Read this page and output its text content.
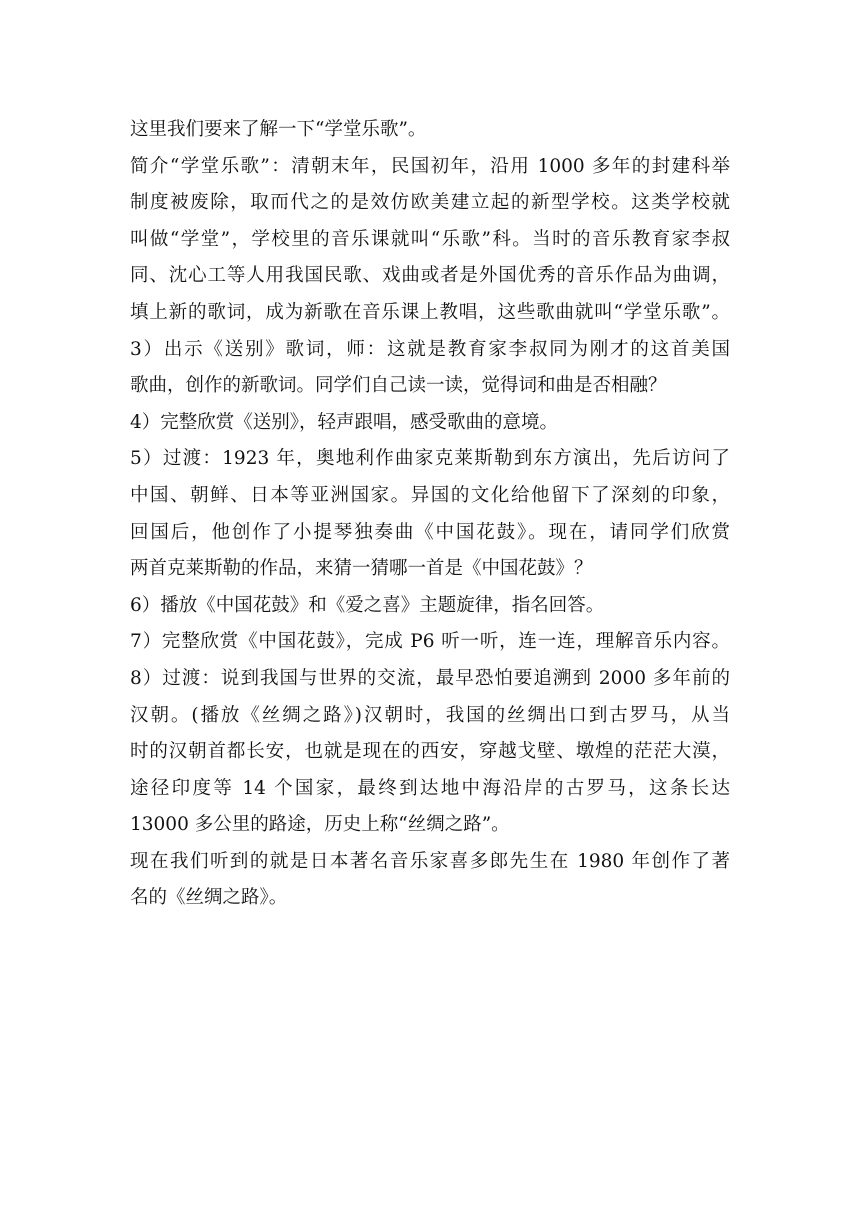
这里我们要来了解一下“学堂乐歌”。

简介“学堂乐歌”：清朝末年，民国初年，沿用 1000 多年的封建科举

制度被废除，取而代之的是效仿欧美建立起的新型学校。这类学校就

叫做“学堂”，学校里的音乐课就叫“乐歌”科。当时的音乐教育家李叔

同、沈心工等人用我国民歌、戏曲或者是外国优秀的音乐作品为曲调，

填上新的歌词，成为新歌在音乐课上教唱，这些歌曲就叫“学堂乐歌”。

3）出示《送别》歌词，师：这就是教育家李叔同为刚才的这首美国

歌曲，创作的新歌词。同学们自己读一读，觉得词和曲是否相融？

4）完整欣赏《送别》，轻声跟唱，感受歌曲的意境。

5）过渡：1923 年，奥地利作曲家克莱斯勒到东方演出，先后访问了

中国、朝鲜、日本等亚洲国家。异国的文化给他留下了深刻的印象，

回国后，他创作了小提琴独奏曲《中国花鼓》。现在，请同学们欣赏

两首克莱斯勒的作品，来猜一猜哪一首是《中国花鼓》？

6）播放《中国花鼓》和《爱之喜》主题旋律，指名回答。

7）完整欣赏《中国花鼓》，完成 P6 听一听，连一连，理解音乐内容。

8）过渡：说到我国与世界的交流，最早恐怕要追溯到 2000 多年前的

汉朝。(播放《丝绸之路》)汉朝时，我国的丝绸出口到古罗马，从当

时的汉朝首都长安，也就是现在的西安，穿越戈壁、墩煌的茫茫大漠，

途径印度等 14 个国家，最终到达地中海沿岸的古罗马，这条长达

13000 多公里的路途，历史上称“丝绸之路”。

现在我们听到的就是日本著名音乐家喜多郎先生在 1980 年创作了著

名的《丝绸之路》。
